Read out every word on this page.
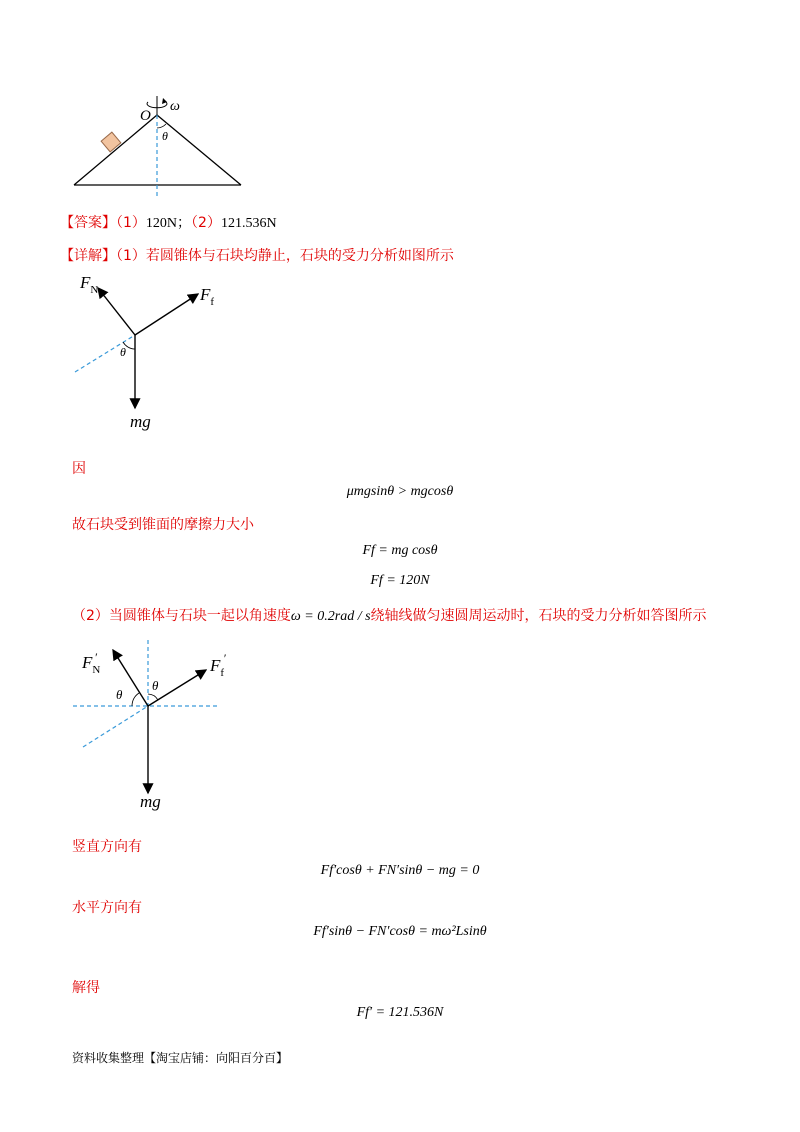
O
ω
θ
【答案】（1）120N；（2）121.536N
【详解】（1）若圆锥体与石块均静止，石块的受力分析如图所示
$F_N$	$F_f$
θ
mg
因
μmgsinθ > mgcosθ
故石块受到锥面的摩擦力大小
Ff = mg cosθ
Ff = 120N
（2）当圆锥体与石块一起以角速度ω = 0.2rad / s绕轴线做匀速圆周运动时，石块的受力分析如答图所示
$F_N'$	$F_f'$
θ
θ
mg
竖直方向有
Ff′cosθ + FN′sinθ − mg = 0
水平方向有
Ff′sinθ − FN′cosθ = mω²Lsinθ
解得
Ff′ = 121.536N
资料收集整理【淘宝店铺：向阳百分百】
